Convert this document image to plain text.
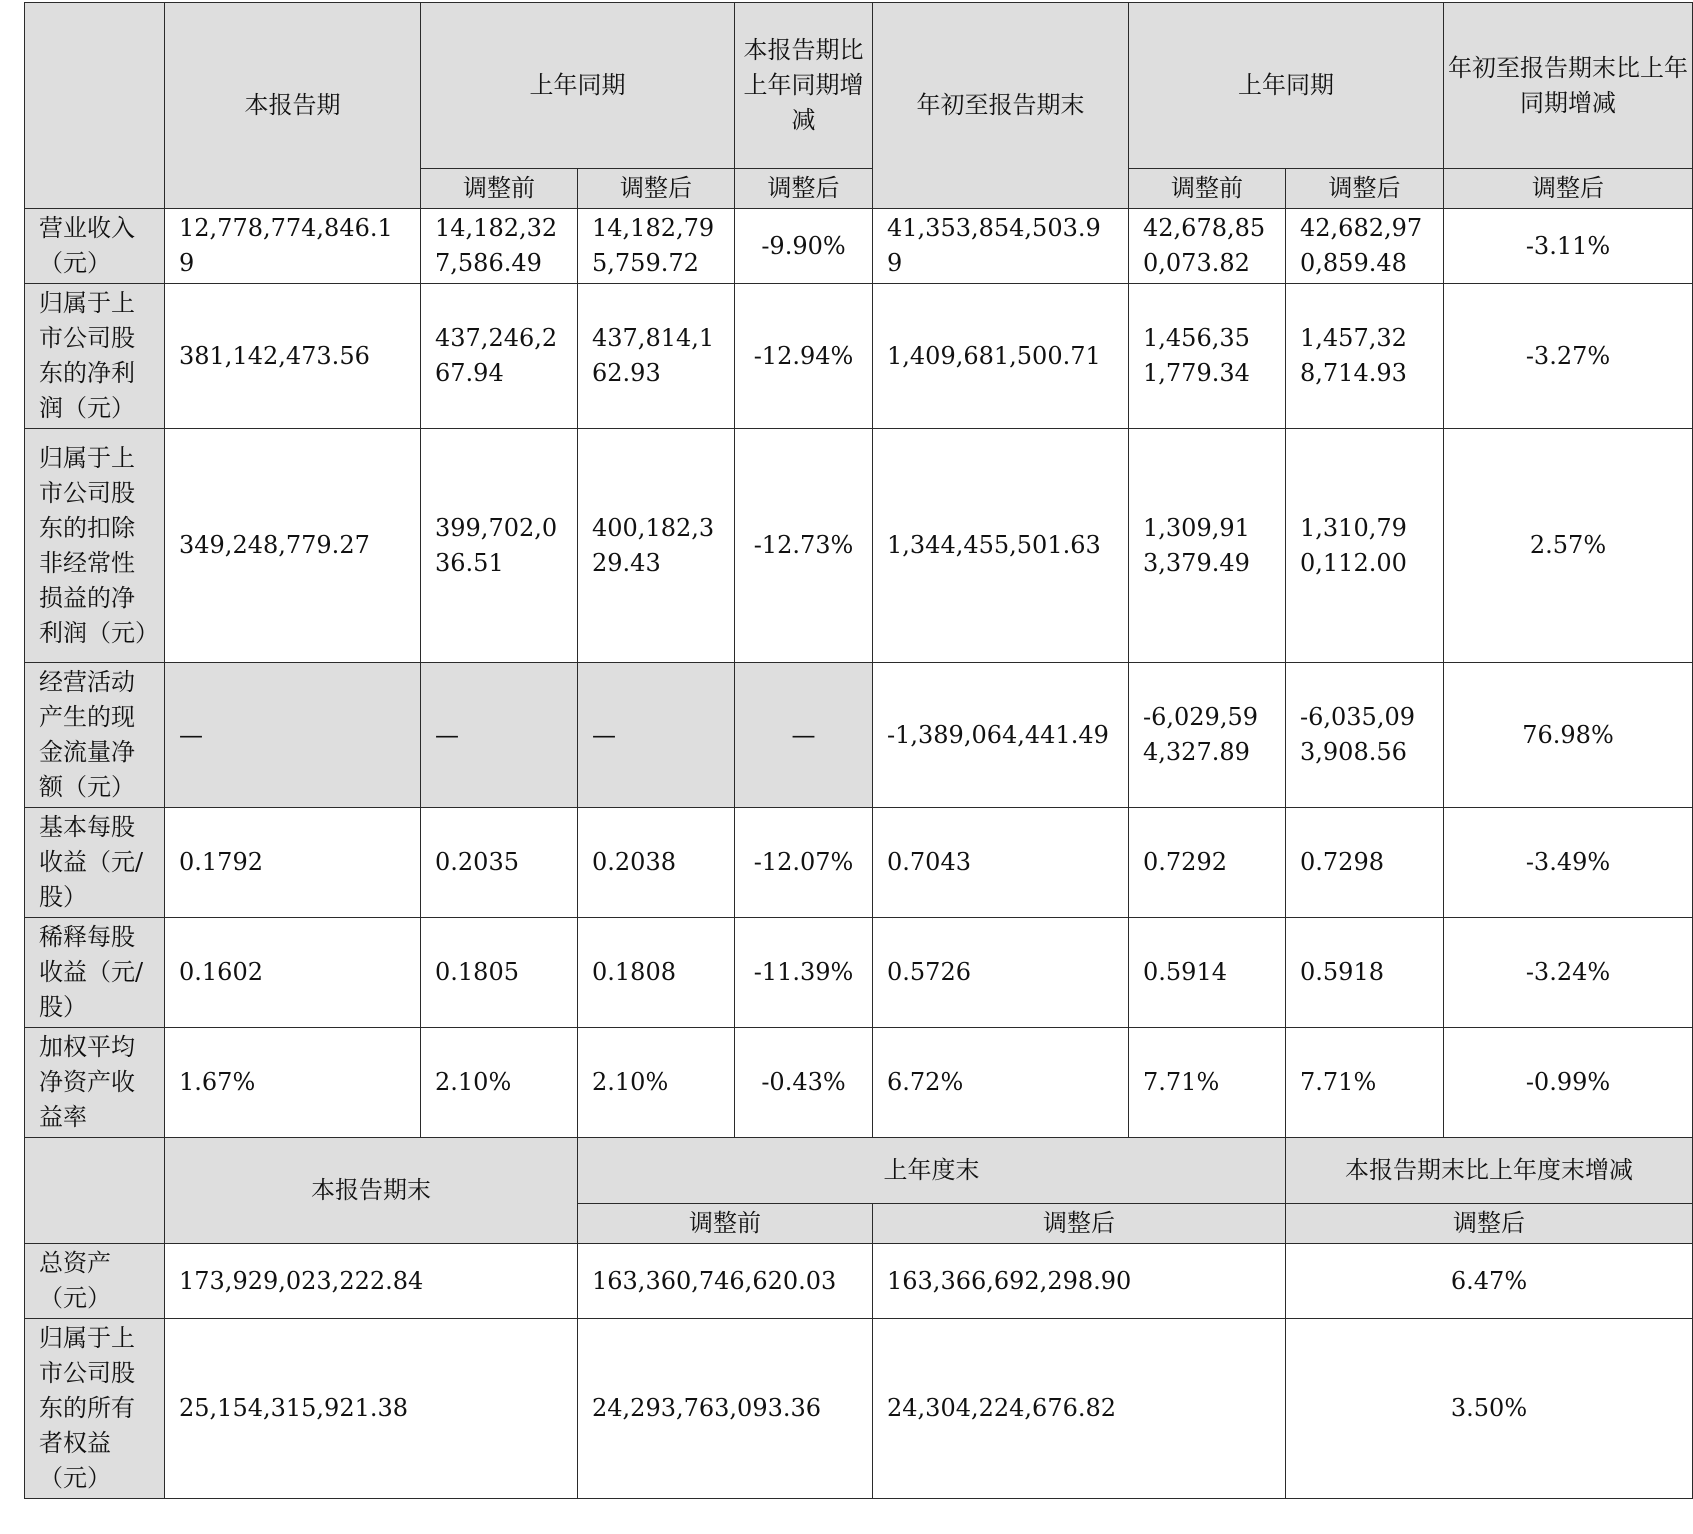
	本报告期	上年同期		本报告期比上年同期增减	年初至报告期末	上年同期		年初至报告期末比上年同期增减
		调整前	调整后	调整后		调整前	调整后	调整后
营业收入（元）	12,778,774,846.19	14,182,327,586.49	14,182,795,759.72	-9.90%	41,353,854,503.99	42,678,850,073.82	42,682,970,859.48	-3.11%
归属于上市公司股东的净利润（元）	381,142,473.56	437,246,267.94	437,814,162.93	-12.94%	1,409,681,500.71	1,456,351,779.34	1,457,328,714.93	-3.27%
归属于上市公司股东的扣除非经常性损益的净利润（元）	349,248,779.27	399,702,036.51	400,182,329.43	-12.73%	1,344,455,501.63	1,309,913,379.49	1,310,790,112.00	2.57%
经营活动产生的现金流量净额（元）	—	—	—	—	-1,389,064,441.49	-6,029,594,327.89	-6,035,093,908.56	76.98%
基本每股收益（元/股）	0.1792	0.2035	0.2038	-12.07%	0.7043	0.7292	0.7298	-3.49%
稀释每股收益（元/股）	0.1602	0.1805	0.1808	-11.39%	0.5726	0.5914	0.5918	-3.24%
加权平均净资产收益率	1.67%	2.10%	2.10%	-0.43%	6.72%	7.71%	7.71%	-0.99%
	本报告期末		上年度末				本报告期末比上年度末增减	
			调整前		调整后		调整后	
总资产（元）	173,929,023,222.84		163,360,746,620.03		163,366,692,298.90		6.47%	
归属于上市公司股东的所有者权益（元）	25,154,315,921.38		24,293,763,093.36		24,304,224,676.82		3.50%	
